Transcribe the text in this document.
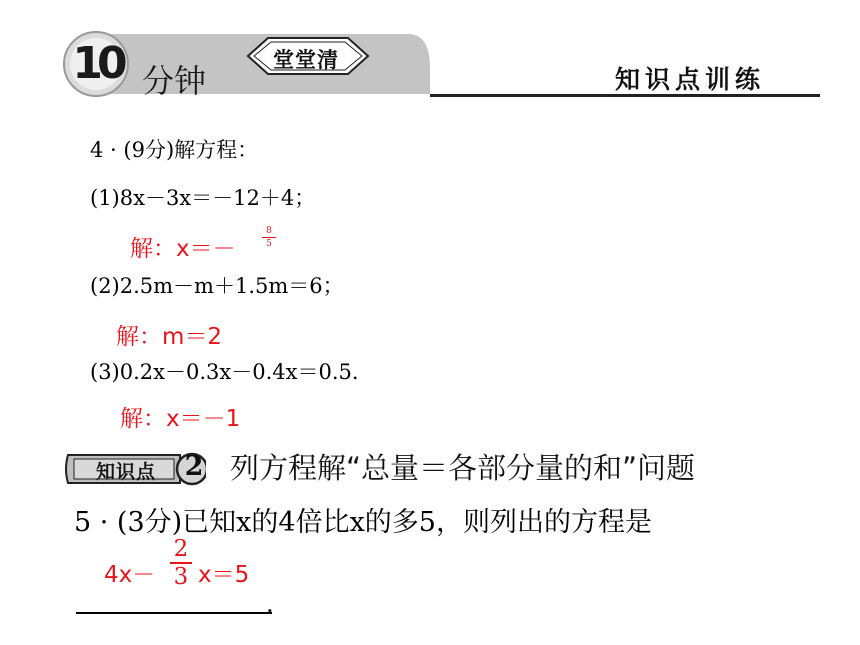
10 分钟
堂堂清
知识点训练
4 · (9分)解方程：
(1)8x－3x＝－12＋4；
解：x＝－
8
5
(2)2.5m－m＋1.5m＝6；
解：m＝2
(3)0.2x－0.3x－0.4x＝0.5.
解：x＝－1
知识点	2 列方程解“总量＝各部分量的和”问题
5 · (3分)已知x的4倍比x的多5，则列出的方程是
4x－
2
3 x＝5
.
